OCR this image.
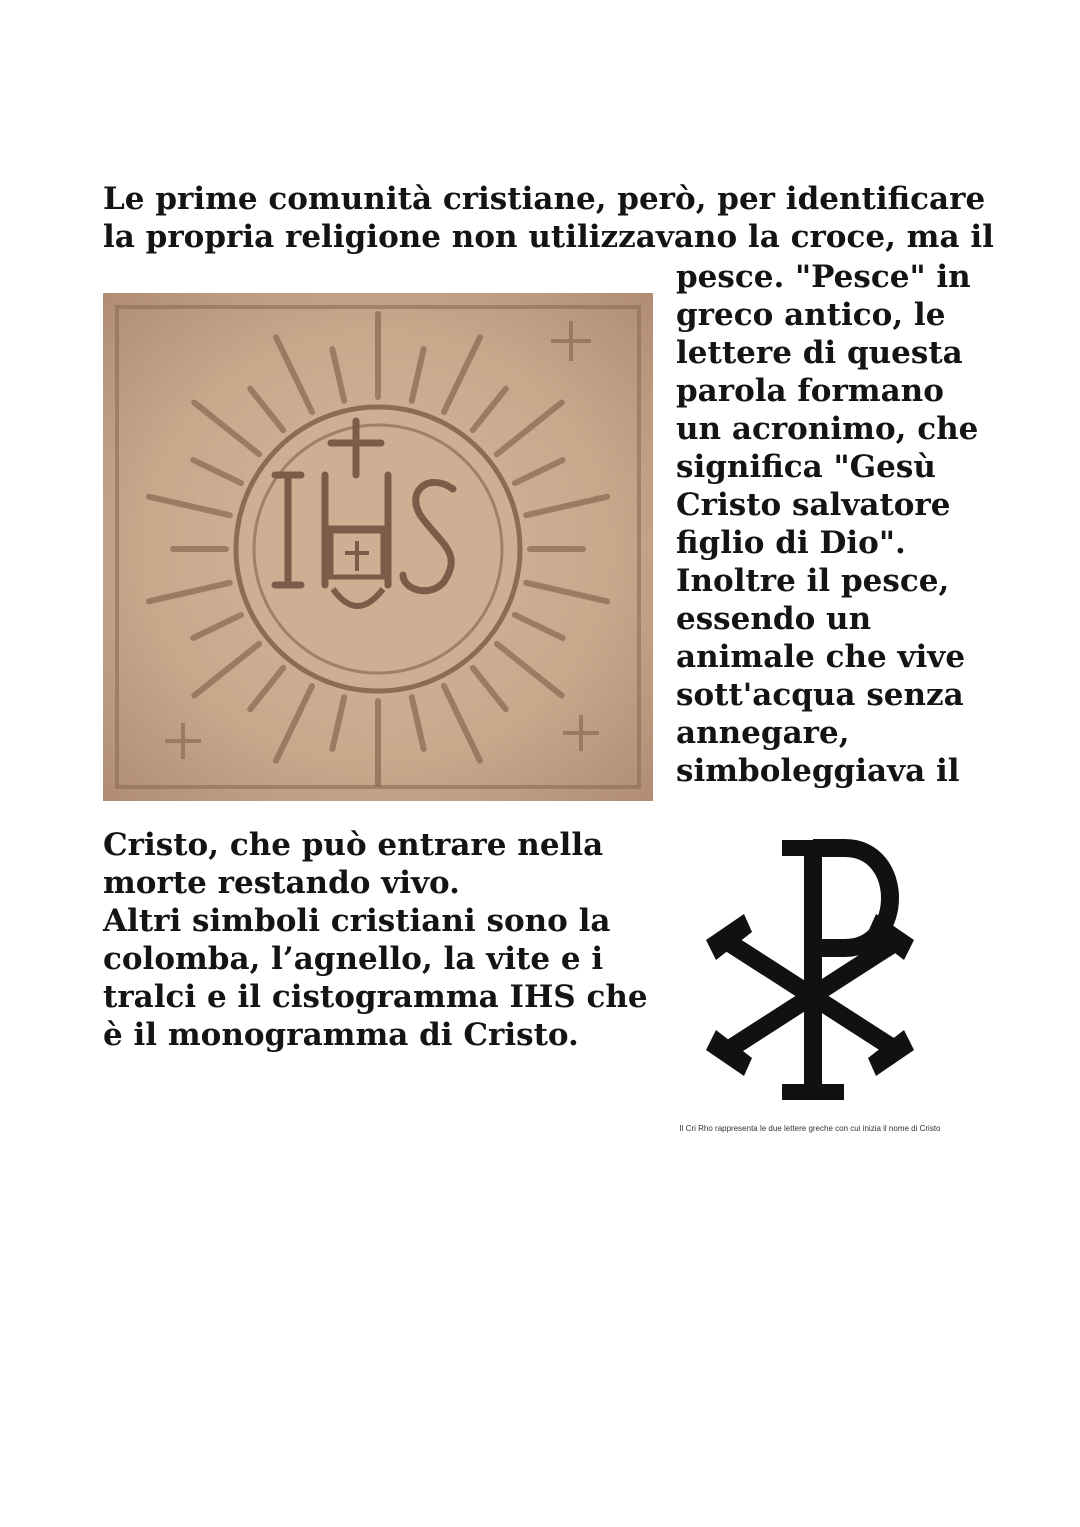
Le prime comunità cristiane, però, per identificare
la propria religione non utilizzavano la croce, ma il

pesce. "Pesce" in
greco antico, le
lettere di questa
parola formano
un acronimo, che
significa "Gesù
Cristo salvatore
figlio di Dio".
Inoltre il pesce,
essendo un
animale che vive
sott'acqua senza
annegare,
simboleggiava il

Cristo, che può entrare nella
morte restando vivo.
Altri simboli cristiani sono la
colomba, l’agnello, la vite e i
tralci e il cistogramma IHS che
è il monogramma di Cristo.

Il Cri Rho rappresenta le due lettere greche con cui inizia il nome di Cristo
